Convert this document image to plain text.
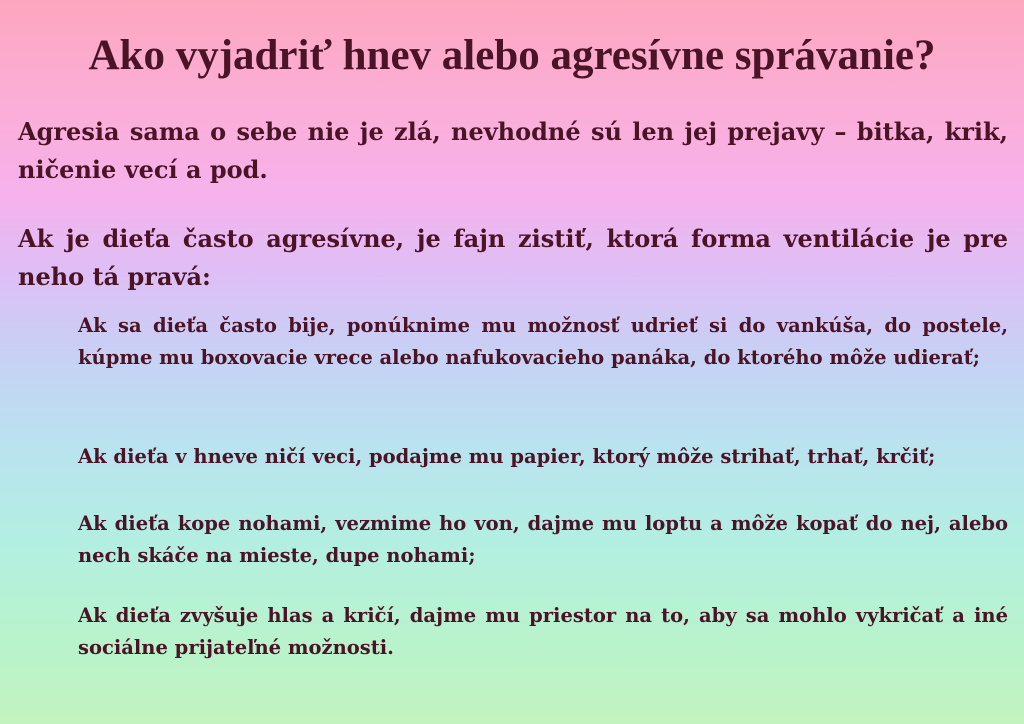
Ako vyjadriť hnev alebo agresívne správanie?

Agresia sama o sebe nie je zlá, nevhodné sú len jej prejavy – bitka, krik, ničenie vecí a pod.

Ak je dieťa často agresívne, je fajn zistiť, ktorá forma ventilácie je pre neho tá pravá:

Ak sa dieťa často bije, ponúknime mu možnosť udrieť si do vankúša, do postele, kúpme mu boxovacie vrece alebo nafukovacieho panáka, do ktorého môže udierať;

Ak dieťa v hneve ničí veci, podajme mu papier, ktorý môže strihať, trhať, krčiť;

Ak dieťa kope nohami, vezmime ho von, dajme mu loptu a môže kopať do nej, alebo nech skáče na mieste, dupe nohami;

Ak dieťa zvyšuje hlas a kričí, dajme mu priestor na to, aby sa mohlo vykričať a iné sociálne prijateľné možnosti.
